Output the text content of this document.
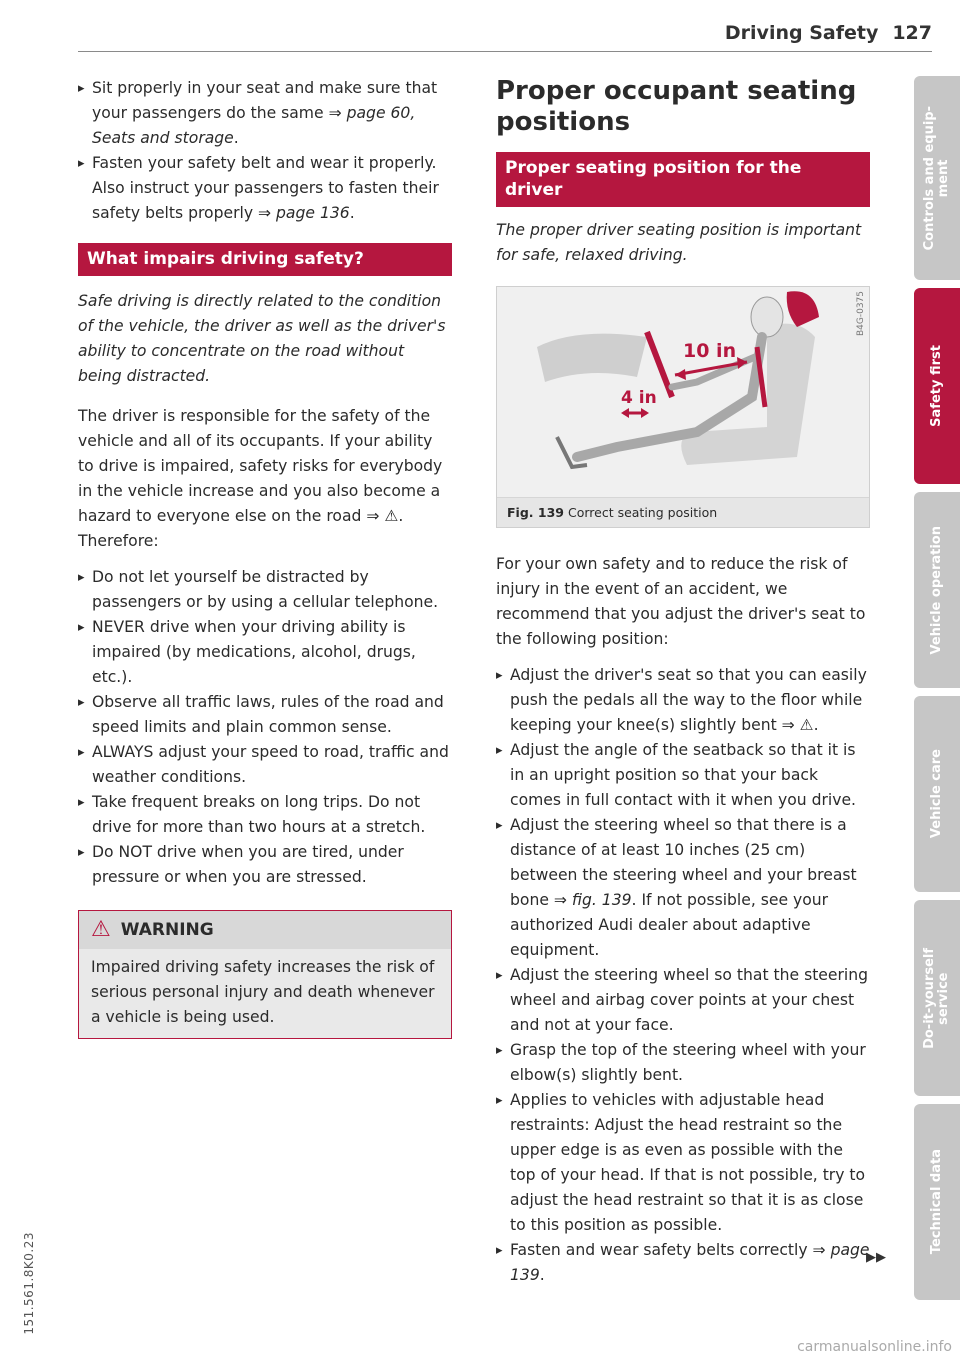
Driving Safety 127
▸ Sit properly in your seat and make sure that your passengers do the same ⇒ page 60, Seats and storage.
▸ Fasten your safety belt and wear it properly. Also instruct your passengers to fasten their safety belts properly ⇒ page 136.
What impairs driving safety?

Safe driving is directly related to the condition of the vehicle, the driver as well as the driver's ability to concentrate on the road without being distracted.

The driver is responsible for the safety of the vehicle and all of its occupants. If your ability to drive is impaired, safety risks for everybody in the vehicle increase and you also become a hazard to everyone else on the road ⇒ ⚠. Therefore:

▸ Do not let yourself be distracted by passengers or by using a cellular telephone.
▸ NEVER drive when your driving ability is impaired (by medications, alcohol, drugs, etc.).
▸ Observe all traffic laws, rules of the road and speed limits and plain common sense.
▸ ALWAYS adjust your speed to road, traffic and weather conditions.
▸ Take frequent breaks on long trips. Do not drive for more than two hours at a stretch.
▸ Do NOT drive when you are tired, under pressure or when you are stressed.
⚠ WARNING
Impaired driving safety increases the risk of serious personal injury and death whenever a vehicle is being used.
Proper occupant seating positions
Proper seating position for the driver

The proper driver seating position is important for safe, relaxed driving.

10 in
4 in
B4G-0375
Fig. 139 Correct seating position

For your own safety and to reduce the risk of injury in the event of an accident, we recommend that you adjust the driver's seat to the following position:

▸ Adjust the driver's seat so that you can easily push the pedals all the way to the floor while keeping your knee(s) slightly bent ⇒ ⚠.
▸ Adjust the angle of the seatback so that it is in an upright position so that your back comes in full contact with it when you drive.
▸ Adjust the steering wheel so that there is a distance of at least 10 inches (25 cm) between the steering wheel and your breast bone ⇒ fig. 139. If not possible, see your authorized Audi dealer about adaptive equipment.
▸ Adjust the steering wheel so that the steering wheel and airbag cover points at your chest and not at your face.
▸ Grasp the top of the steering wheel with your elbow(s) slightly bent.
▸ Applies to vehicles with adjustable head restraints: Adjust the head restraint so the upper edge is as even as possible with the top of your head. If that is not possible, try to adjust the head restraint so that it is as close to this position as possible.
▸ Fasten and wear safety belts correctly ⇒ page 139.
▶▶
Controls and equip-
ment
Safety first
Vehicle operation
Vehicle care
Do-it-yourself
service
Technical data
151.561.8K0.23
carmanualsonline.info
